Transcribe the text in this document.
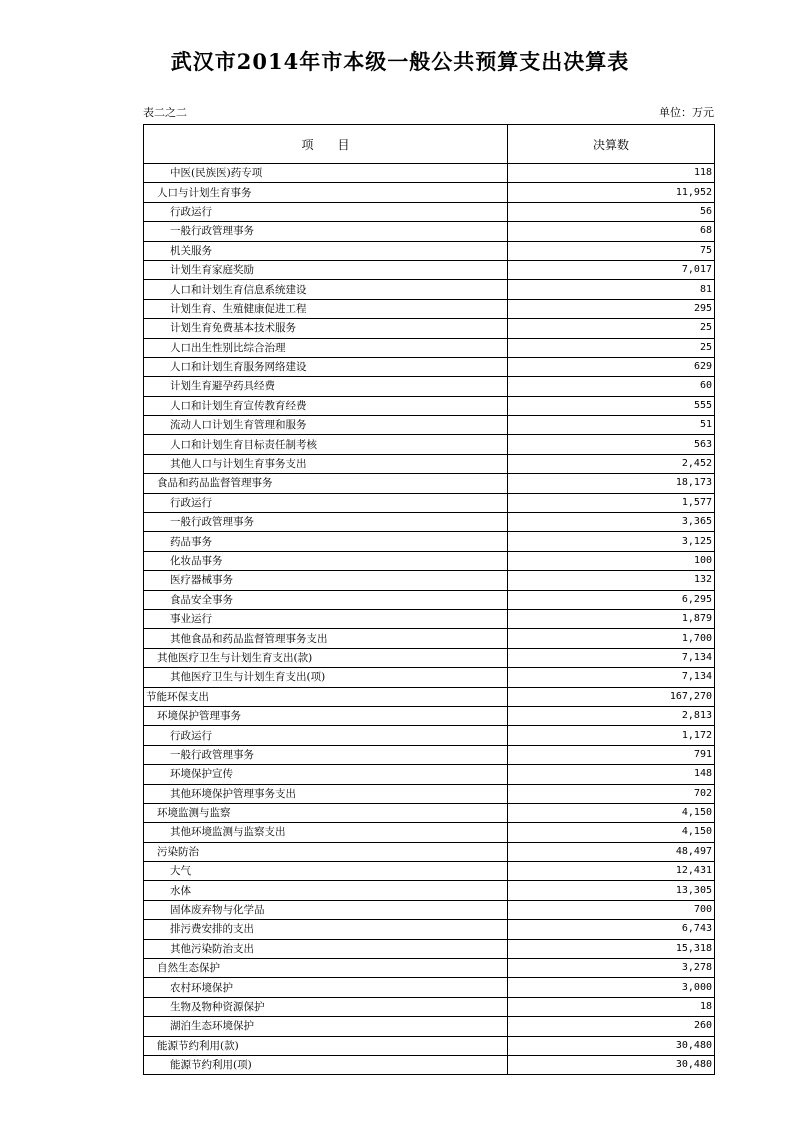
武汉市2014年市本级一般公共预算支出决算表
表二之二	单位：万元
项　　目	决算数
中医(民族医)药专项	118
人口与计划生育事务	11,952
行政运行	56
一般行政管理事务	68
机关服务	75
计划生育家庭奖励	7,017
人口和计划生育信息系统建设	81
计划生育、生殖健康促进工程	295
计划生育免费基本技术服务	25
人口出生性别比综合治理	25
人口和计划生育服务网络建设	629
计划生育避孕药具经费	60
人口和计划生育宣传教育经费	555
流动人口计划生育管理和服务	51
人口和计划生育目标责任制考核	563
其他人口与计划生育事务支出	2,452
食品和药品监督管理事务	18,173
行政运行	1,577
一般行政管理事务	3,365
药品事务	3,125
化妆品事务	100
医疗器械事务	132
食品安全事务	6,295
事业运行	1,879
其他食品和药品监督管理事务支出	1,700
其他医疗卫生与计划生育支出(款)	7,134
其他医疗卫生与计划生育支出(项)	7,134
节能环保支出	167,270
环境保护管理事务	2,813
行政运行	1,172
一般行政管理事务	791
环境保护宣传	148
其他环境保护管理事务支出	702
环境监测与监察	4,150
其他环境监测与监察支出	4,150
污染防治	48,497
大气	12,431
水体	13,305
固体废弃物与化学品	700
排污费安排的支出	6,743
其他污染防治支出	15,318
自然生态保护	3,278
农村环境保护	3,000
生物及物种资源保护	18
湖泊生态环境保护	260
能源节约利用(款)	30,480
能源节约利用(项)	30,480
